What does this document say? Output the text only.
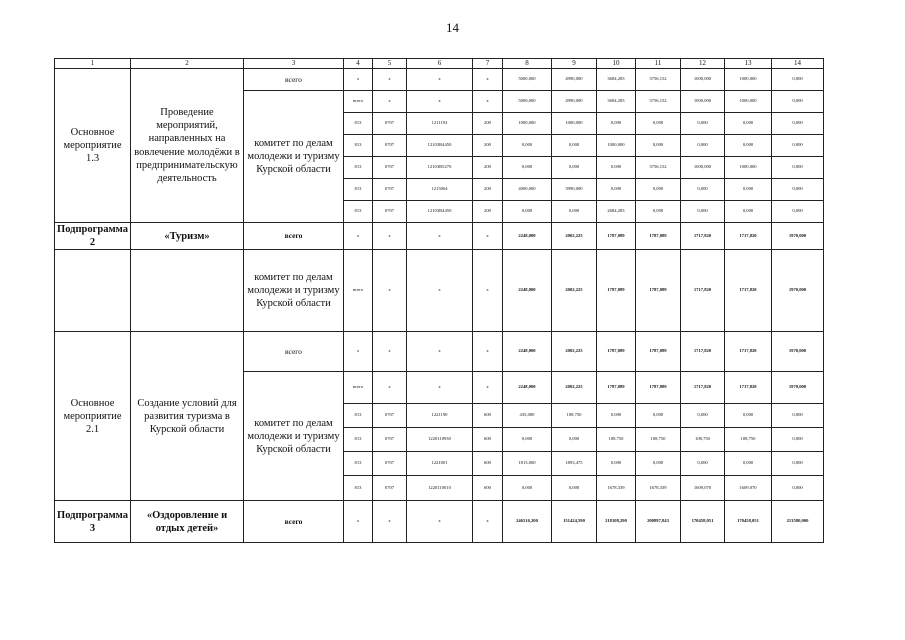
14
1	2	3	4	5	6	7	8	9	10	11	12	13	14
Основное мероприятие 1.3	Проведение мероприятий, направленных на вовлечение молодёжи в предпринимательскую деятельность	всего	х	х	х	х	5000,000	4990,000	3684,283	3756,152	1000,000	1000,000	0,000
		комитет по делам молодежи и туризму Курской области	всего	х	х	х	5000,000	4990,000	3684,283	3756,152	1000,000	1000,000	0,000
			813	0707	1211192	200	1000,000	1000,000	0,000	0,000	0,000	0,000	0,000
			813	0707	12103R4450	200	0,000	0,000	1000,000	0,000	0,000	0,000	0,000
			813	0707	12103R5270	200	0,000	0,000	0,000	3756,152	1000,000	1000,000	0,000
			813	0707	1215064	200	4000,000	3990,000	0,000	0,000	0,000	0,000	0,000
			813	0707	12103R4450	200	0,000	0,000	2684,283	0,000	0,000	0,000	0,000
Подпрограмма 2	«Туризм»	всего	х	х	х	х	2248,000	2002,225	1787,089	1787,089	1717,820	1717,820	1970,000
		комитет по делам молодежи и туризму Курской области	всего	х	х	х	2248,000	2002,225	1787,089	1787,089	1717,820	1717,820	1970,000
Основное мероприятие 2.1	Создание условий для развития туризма в Курской области	всего	х	х	х	х	2248,000	2002,225	1787,089	1787,089	1717,820	1717,820	1970,000
		комитет по делам молодежи и туризму Курской области	всего	х	х	х	2248,000	2002,225	1787,089	1787,089	1717,820	1717,820	1970,000
			813	0707	1221190	600	435,000	108,750	0,000	0,000	0,000	0,000	0,000
			813	0707	1220110930	600	0,000	0,000	108,750	108,750	108,750	108,750	0,000
			813	0707	1221001	600	1813,000	1893,475	0,000	0,000	0,000	0,000	0,000
			813	0707	1220110010	600	0,000	0,000	1678,339	1678,339	1609,070	1609,070	0,000
Подпрограмма 3	«Оздоровление и отдых детей»	всего	х	х	х	х	246516,200	151424,590	218108,290	200897,843	170458,051	170458,051	213580,000
